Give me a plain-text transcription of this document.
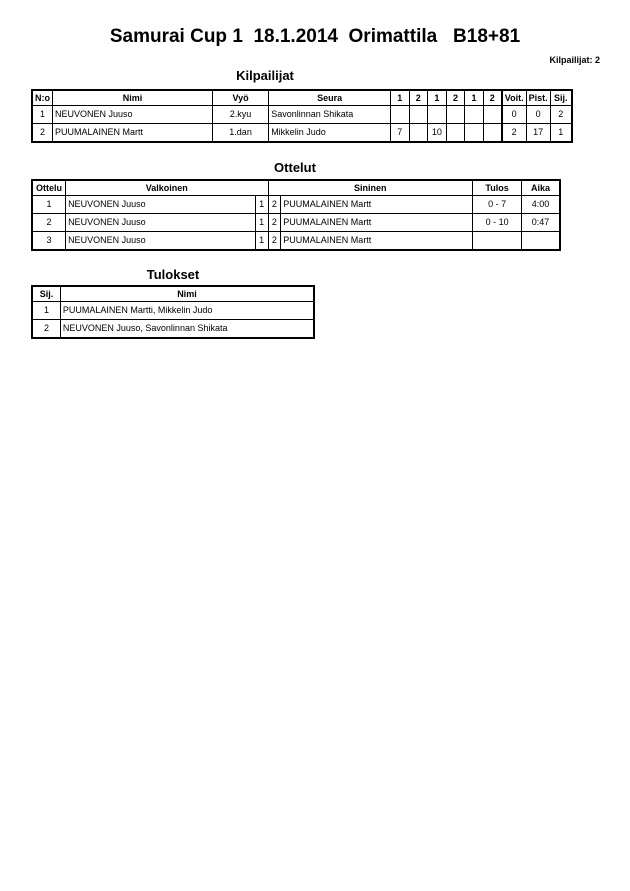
Samurai Cup 1  18.1.2014  Orimattila   B18+81
Kilpailijat: 2
Kilpailijat
N:o	Nimi	Vyö	Seura	1	2	1	2	1	2	Voit.	Pist.	Sij.
1	NEUVONEN Juuso	2.kyu	Savonlinnan Shikata							0	0	2
2	PUUMALAINEN Martt	1.dan	Mikkelin Judo	7		10				2	17	1
Ottelut
Ottelu	Valkoinen		Sininen		Tulos	Aika
1	NEUVONEN Juuso	1	2	PUUMALAINEN Martt	0 - 7	4:00
2	NEUVONEN Juuso	1	2	PUUMALAINEN Martt	0 - 10	0:47
3	NEUVONEN Juuso	1	2	PUUMALAINEN Martt		
Tulokset
Sij.	Nimi
1	PUUMALAINEN Martti, Mikkelin Judo
2	NEUVONEN Juuso, Savonlinnan Shikata
